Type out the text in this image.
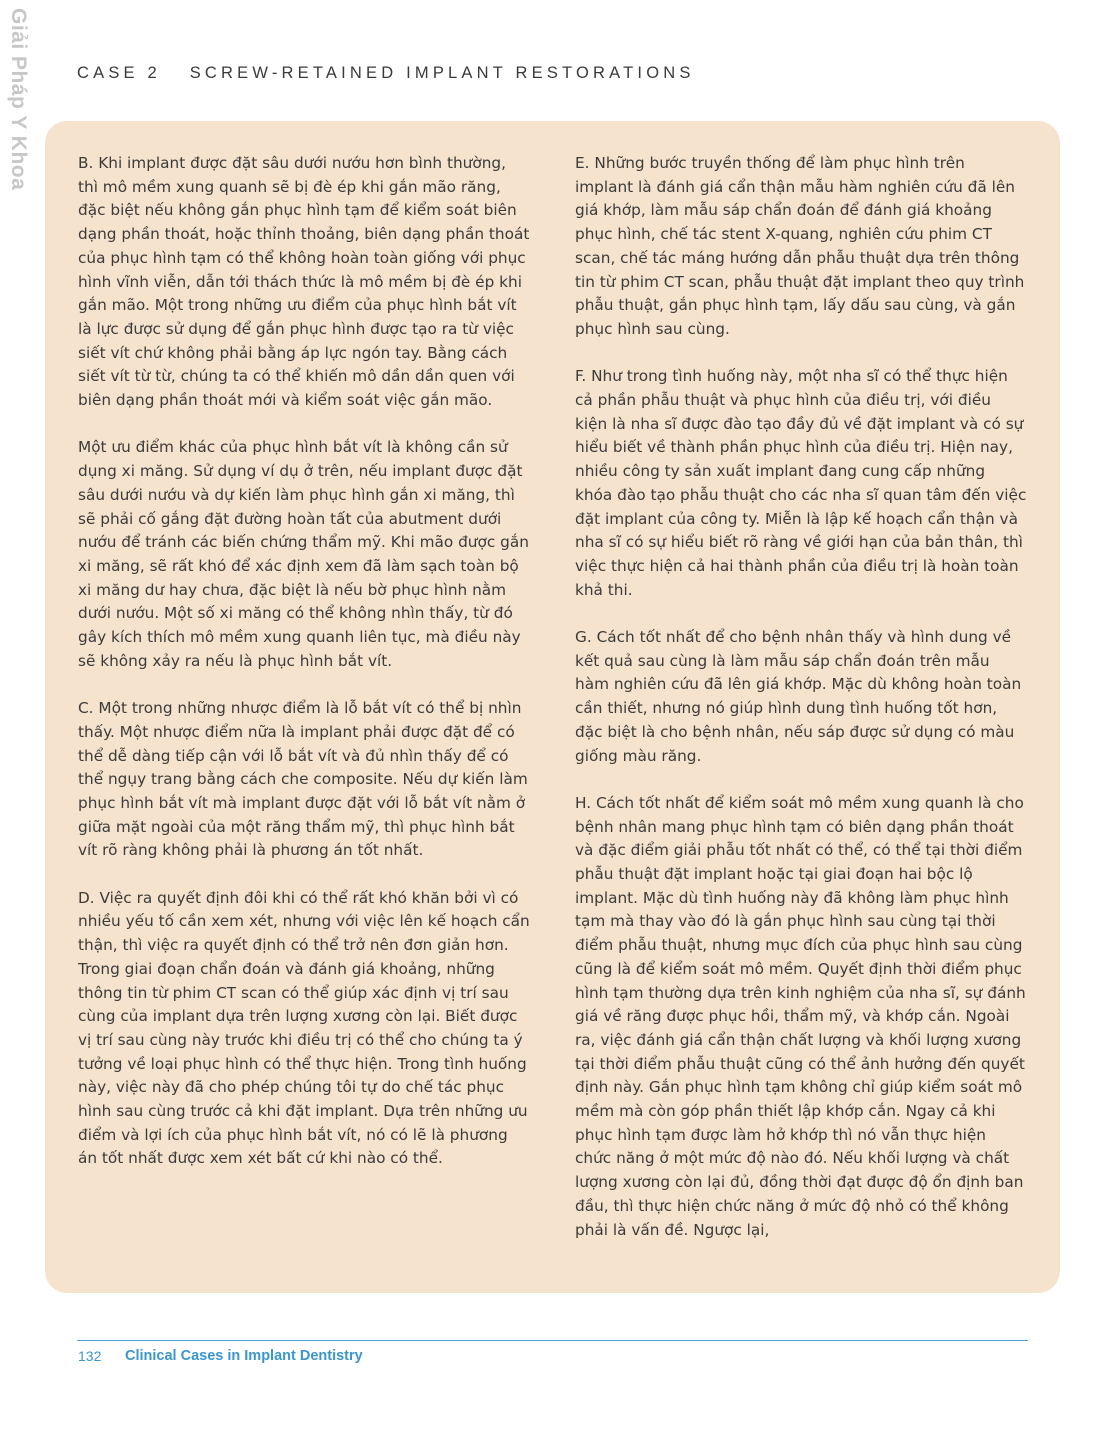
Giải Pháp Y Khoa	CASE 2 SCREW-RETAINED IMPLANT RESTORATIONS

B. Khi implant được đặt sâu dưới nướu hơn bình thường, thì mô mềm xung quanh sẽ bị đè ép khi gắn mão răng, đặc biệt nếu không gắn phục hình tạm để kiểm soát biên dạng phần thoát, hoặc thỉnh thoảng, biên dạng phần thoát của phục hình tạm có thể không hoàn toàn giống với phục hình vĩnh viễn, dẫn tới thách thức là mô mềm bị đè ép khi gắn mão. Một trong những ưu điểm của phục hình bắt vít là lực được sử dụng để gắn phục hình được tạo ra từ việc siết vít chứ không phải bằng áp lực ngón tay. Bằng cách siết vít từ từ, chúng ta có thể khiến mô dần dần quen với biên dạng phần thoát mới và kiểm soát việc gắn mão.

Một ưu điểm khác của phục hình bắt vít là không cần sử dụng xi măng. Sử dụng ví dụ ở trên, nếu implant được đặt sâu dưới nướu và dự kiến làm phục hình gắn xi măng, thì sẽ phải cố gắng đặt đường hoàn tất của abutment dưới nướu để tránh các biến chứng thẩm mỹ. Khi mão được gắn xi măng, sẽ rất khó để xác định xem đã làm sạch toàn bộ xi măng dư hay chưa, đặc biệt là nếu bờ phục hình nằm dưới nướu. Một số xi măng có thể không nhìn thấy, từ đó gây kích thích mô mềm xung quanh liên tục, mà điều này sẽ không xảy ra nếu là phục hình bắt vít.

C. Một trong những nhược điểm là lỗ bắt vít có thể bị nhìn thấy. Một nhược điểm nữa là implant phải được đặt để có thể dễ dàng tiếp cận với lỗ bắt vít và đủ nhìn thấy để có thể ngụy trang bằng cách che composite. Nếu dự kiến làm phục hình bắt vít mà implant được đặt với lỗ bắt vít nằm ở giữa mặt ngoài của một răng thẩm mỹ, thì phục hình bắt vít rõ ràng không phải là phương án tốt nhất.

D. Việc ra quyết định đôi khi có thể rất khó khăn bởi vì có nhiều yếu tố cần xem xét, nhưng với việc lên kế hoạch cẩn thận, thì việc ra quyết định có thể trở nên đơn giản hơn. Trong giai đoạn chẩn đoán và đánh giá khoảng, những thông tin từ phim CT scan có thể giúp xác định vị trí sau cùng của implant dựa trên lượng xương còn lại. Biết được vị trí sau cùng này trước khi điều trị có thể cho chúng ta ý tưởng về loại phục hình có thể thực hiện. Trong tình huống này, việc này đã cho phép chúng tôi tự do chế tác phục hình sau cùng trước cả khi đặt implant. Dựa trên những ưu điểm và lợi ích của phục hình bắt vít, nó có lẽ là phương án tốt nhất được xem xét bất cứ khi nào có thể.

E. Những bước truyền thống để làm phục hình trên implant là đánh giá cẩn thận mẫu hàm nghiên cứu đã lên giá khớp, làm mẫu sáp chẩn đoán để đánh giá khoảng phục hình, chế tác stent X-quang, nghiên cứu phim CT scan, chế tác máng hướng dẫn phẫu thuật dựa trên thông tin từ phim CT scan, phẫu thuật đặt implant theo quy trình phẫu thuật, gắn phục hình tạm, lấy dấu sau cùng, và gắn phục hình sau cùng.

F. Như trong tình huống này, một nha sĩ có thể thực hiện cả phần phẫu thuật và phục hình của điều trị, với điều kiện là nha sĩ được đào tạo đầy đủ về đặt implant và có sự hiểu biết về thành phần phục hình của điều trị. Hiện nay, nhiều công ty sản xuất implant đang cung cấp những khóa đào tạo phẫu thuật cho các nha sĩ quan tâm đến việc đặt implant của công ty. Miễn là lập kế hoạch cẩn thận và nha sĩ có sự hiểu biết rõ ràng về giới hạn của bản thân, thì việc thực hiện cả hai thành phần của điều trị là hoàn toàn khả thi.

G. Cách tốt nhất để cho bệnh nhân thấy và hình dung về kết quả sau cùng là làm mẫu sáp chẩn đoán trên mẫu hàm nghiên cứu đã lên giá khớp. Mặc dù không hoàn toàn cần thiết, nhưng nó giúp hình dung tình huống tốt hơn, đặc biệt là cho bệnh nhân, nếu sáp được sử dụng có màu giống màu răng.

H. Cách tốt nhất để kiểm soát mô mềm xung quanh là cho bệnh nhân mang phục hình tạm có biên dạng phần thoát và đặc điểm giải phẫu tốt nhất có thể, có thể tại thời điểm phẫu thuật đặt implant hoặc tại giai đoạn hai bộc lộ implant. Mặc dù tình huống này đã không làm phục hình tạm mà thay vào đó là gắn phục hình sau cùng tại thời điểm phẫu thuật, nhưng mục đích của phục hình sau cùng cũng là để kiểm soát mô mềm. Quyết định thời điểm phục hình tạm thường dựa trên kinh nghiệm của nha sĩ, sự đánh giá về răng được phục hồi, thẩm mỹ, và khớp cắn. Ngoài ra, việc đánh giá cẩn thận chất lượng và khối lượng xương tại thời điểm phẫu thuật cũng có thể ảnh hưởng đến quyết định này. Gắn phục hình tạm không chỉ giúp kiểm soát mô mềm mà còn góp phần thiết lập khớp cắn. Ngay cả khi phục hình tạm được làm hở khớp thì nó vẫn thực hiện chức năng ở một mức độ nào đó. Nếu khối lượng và chất lượng xương còn lại đủ, đồng thời đạt được độ ổn định ban đầu, thì thực hiện chức năng ở mức độ nhỏ có thể không phải là vấn đề. Ngược lại,

132 Clinical Cases in Implant Dentistry
